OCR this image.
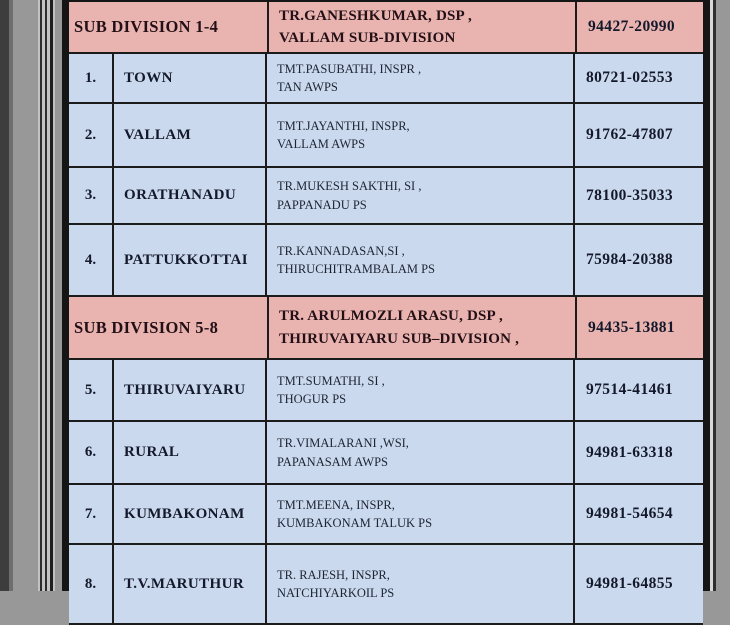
SUB DIVISION 1-4
TR.GANESHKUMAR, DSP ,
VALLAM SUB-DIVISION
94427-20990
1. TOWN
TMT.PASUBATHI, INSPR ,
TAN AWPS
80721-02553
2. VALLAM
TMT.JAYANTHI, INSPR,
VALLAM AWPS
91762-47807
3. ORATHANADU
TR.MUKESH SAKTHI, SI ,
PAPPANADU PS
78100-35033
4. PATTUKKOTTAI
TR.KANNADASAN,SI ,
THIRUCHITRAMBALAM PS
75984-20388
SUB DIVISION 5-8
TR. ARULMOZLI ARASU, DSP ,
THIRUVAIYARU SUB–DIVISION ,
94435-13881
5. THIRUVAIYARU
TMT.SUMATHI, SI ,
THOGUR PS
97514-41461
6. RURAL
TR.VIMALARANI ,WSI,
PAPANASAM AWPS
94981-63318
7. KUMBAKONAM
TMT.MEENA, INSPR,
KUMBAKONAM TALUK PS
94981-54654
8. T.V.MARUTHUR
TR. RAJESH, INSPR,
NATCHIYARKOIL PS
94981-64855
